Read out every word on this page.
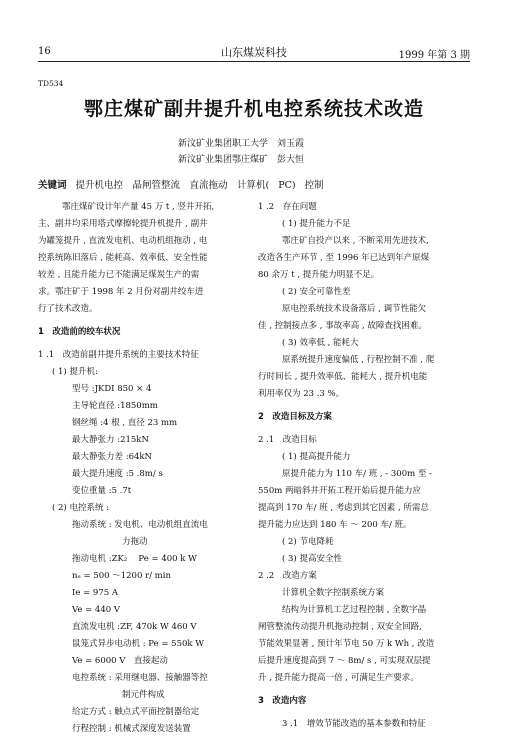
16	山东煤炭科技	1999 年第 3 期
TD534
鄂庄煤矿副井提升机电控系统技术改造
新汶矿业集团职工大学　刘玉霞
新汶矿业集团鄂庄煤矿　彭大恒
关键词 提升机电控　晶闸管整流　直流拖动　计算机( PC) 控制

鄂庄煤矿设计年产量 45 万 t , 竖井开拓,

主、副井均采用塔式摩擦轮提升机提升 , 副井

为罐笼提升 , 直流发电机、电动机组拖动 , 电

控系统陈旧落后 , 能耗高、效率低、安全性能

较差 , 且能升能力已不能满足煤炭生产的需

求。鄂庄矿于 1998 年 2 月份对副井绞车进

行了技术改造。

1　改造前的绞车状况

1 .1　改造前副井提升系统的主要技术特征

( 1) 提升机:

型号 :JKDI 850 × 4

主导轮直径 :1850mm

钢丝绳 :4 根 , 直径 23 mm

最大静张力 :215kN

最大静张力差 :64kN

最大提升速度 :5 .8m/ s

变位重量 :5 .7t

( 2) 电控系统 :

拖动系统 : 发电机、电动机组直流电

力拖动

拖动电机 :ZK₂　 Pe = 400 k W

nₑ = 500 ～1200 r/ min

Ie = 975 A

Ve = 440 V

直流发电机 :ZF, 470k W 460 V

鼠笼式异步电动机 : Pe = 550k W

Ve = 6000 V　直接起动

电控系统 : 采用继电器、接触器等控

制元件构成

给定方式 : 触点式平面控制器给定

行程控制 : 机械式深度发送装置

1 .2　存在问题

( 1) 提升能力不足

鄂庄矿自投产以来 , 不断采用先进技术,

改造各生产环节 , 至 1996 年已达到年产原煤

80 余万 t , 提升能力明显不足。

( 2) 安全可靠性差

原电控系统技术设备落后 , 调节性能欠

佳 , 控制接点多 , 事故率高 , 故障查找困难。

( 3) 效率低 , 能耗大

原系统提升速度偏低 , 行程控制不准 , 爬

行时间长 , 提升效率低、能耗大 , 提升机电能

利用率仅为 23 .3 %。

2　改造目标及方案

2 .1　改造目标

( 1) 提高提升能力

原提升能力为 110 车/ 班 , - 300m 至 -

550m 两暗斜井开拓工程开始后提升能力应

提高到 170 车/ 班 , 考虑到其它因素 , 所需总

提升能力应达到 180 车 ～ 200 车/ 班。

( 2) 节电降耗

( 3) 提高安全性

2 .2　改造方案

计算机全数字控制系统方案

结构为计算机工艺过程控制 , 全数字晶

闸管整流传动提升机拖动控制 , 双安全回路,

节能效果显著 , 预计年节电 50 万 k Wh , 改造

后提升速度提高到 7 ～ 8m/ s , 可实现双层提

升 , 提升能力提高一倍 , 可满足生产要求。

3　改造内容

3 .1　增效节能改造的基本参数和特征
